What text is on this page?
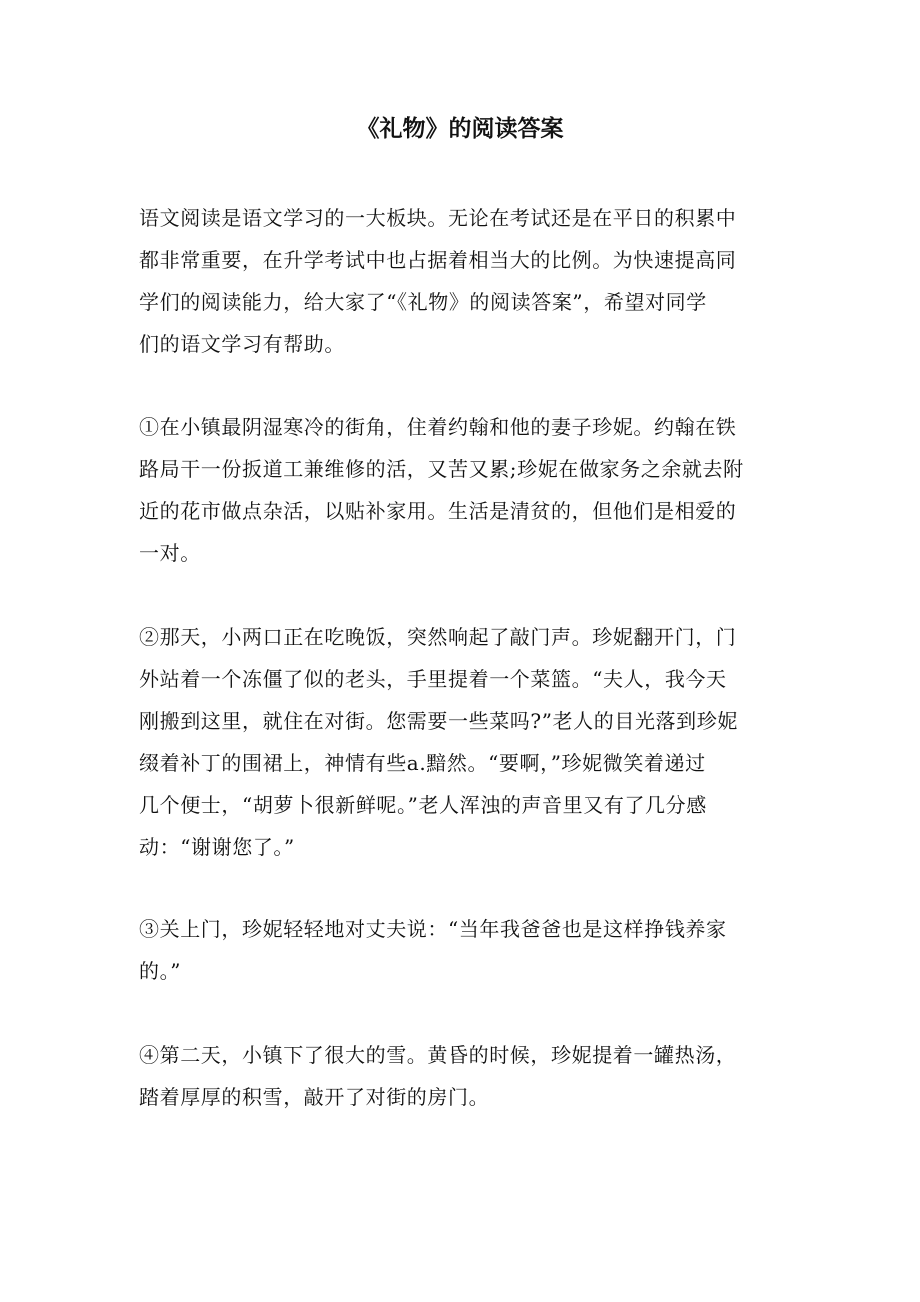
《礼物》的阅读答案

语文阅读是语文学习的一大板块。无论在考试还是在平日的积累中
都非常重要，在升学考试中也占据着相当大的比例。为快速提高同
学们的阅读能力，给大家了“《礼物》的阅读答案”，希望对同学
们的语文学习有帮助。

①在小镇最阴湿寒冷的街角，住着约翰和他的妻子珍妮。约翰在铁
路局干一份扳道工兼维修的活，又苦又累;珍妮在做家务之余就去附
近的花市做点杂活，以贴补家用。生活是清贫的，但他们是相爱的
一对。

②那天，小两口正在吃晚饭，突然响起了敲门声。珍妮翻开门，门
外站着一个冻僵了似的老头，手里提着一个菜篮。“夫人，我今天
刚搬到这里，就住在对街。您需要一些菜吗?”老人的目光落到珍妮
缀着补丁的围裙上，神情有些a.黯然。“要啊，”珍妮微笑着递过
几个便士，“胡萝卜很新鲜呢。”老人浑浊的声音里又有了几分感
动：“谢谢您了。”

③关上门，珍妮轻轻地对丈夫说：“当年我爸爸也是这样挣钱养家
的。”

④第二天，小镇下了很大的雪。黄昏的时候，珍妮提着一罐热汤，
踏着厚厚的积雪，敲开了对街的房门。
